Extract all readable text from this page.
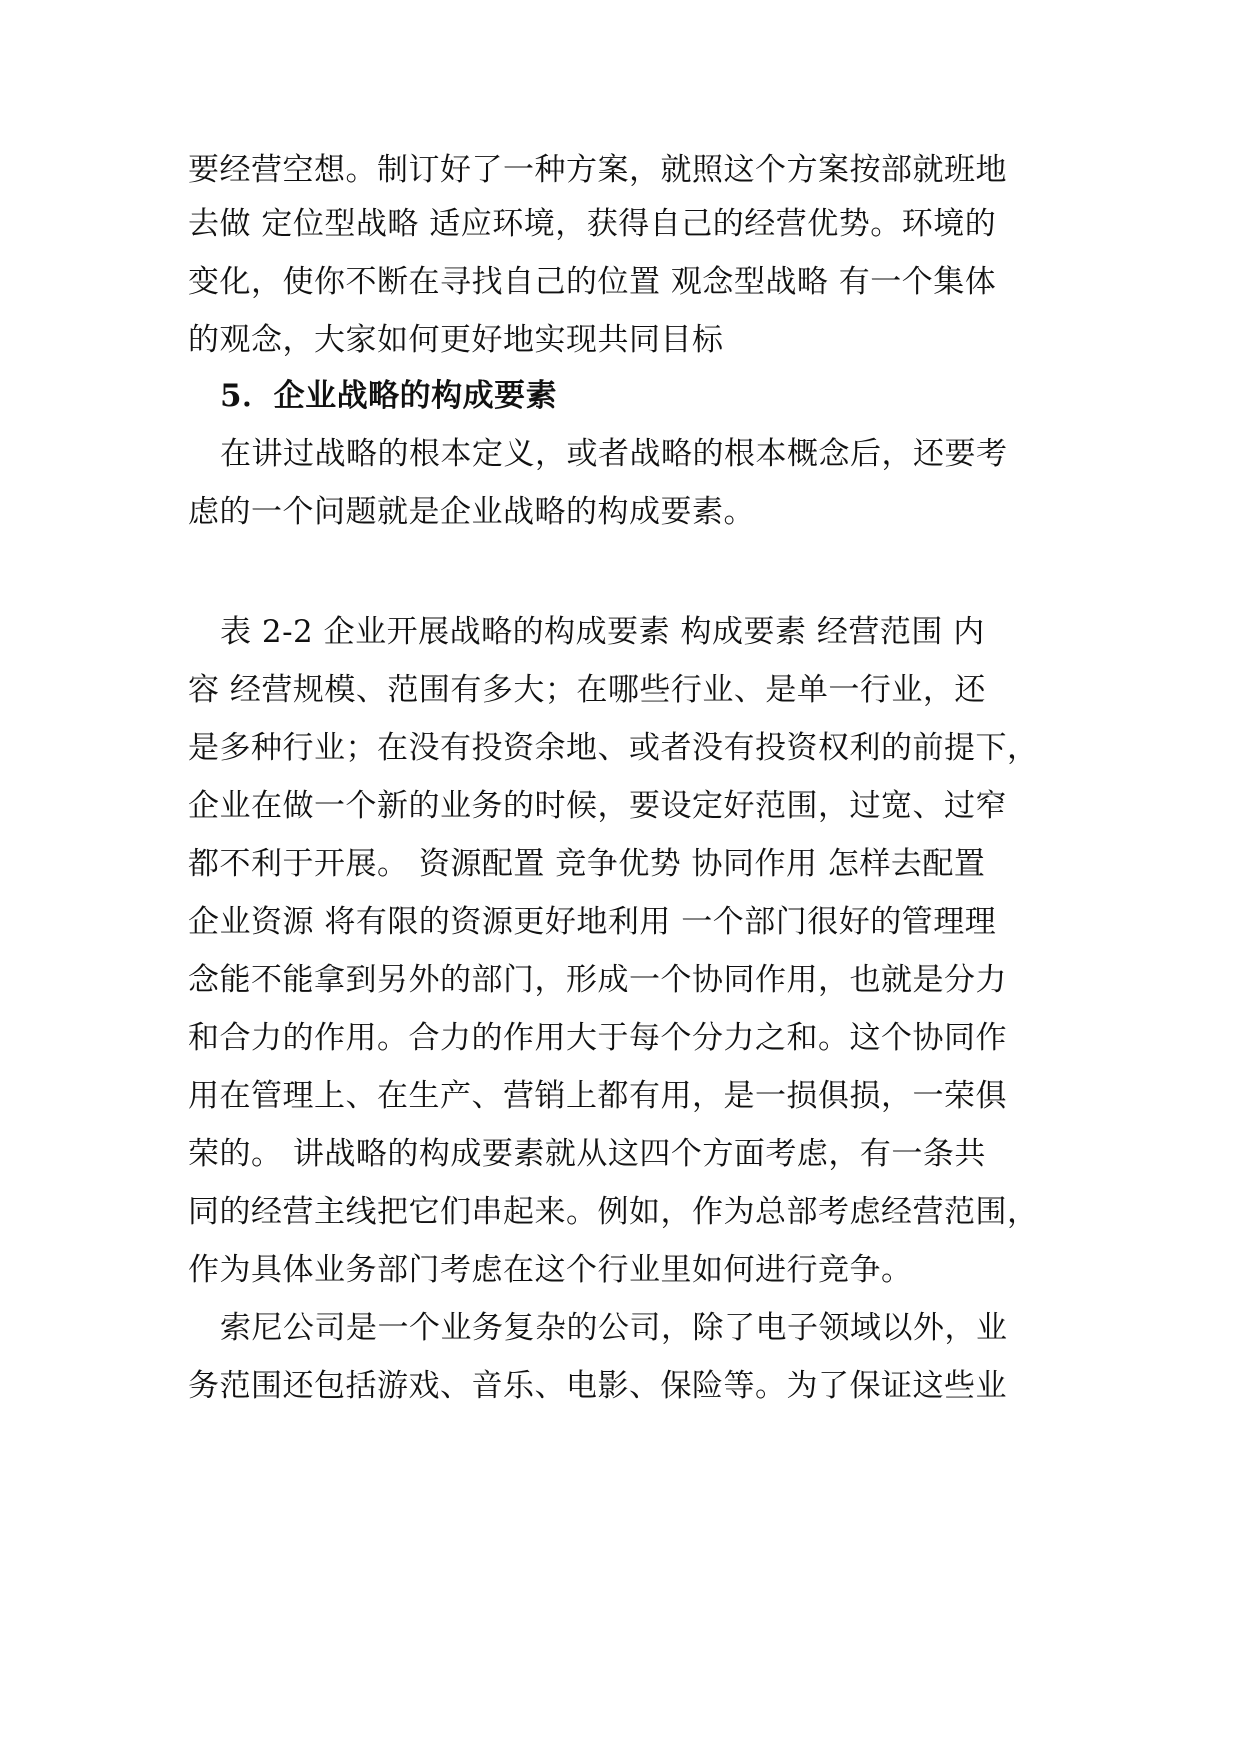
要经营空想。制订好了一种方案，就照这个方案按部就班地
去做 定位型战略 适应环境，获得自己的经营优势。环境的
变化，使你不断在寻找自己的位置 观念型战略 有一个集体
的观念，大家如何更好地实现共同目标
5．企业战略的构成要素
在讲过战略的根本定义，或者战略的根本概念后，还要考
虑的一个问题就是企业战略的构成要素。
表 2-2 企业开展战略的构成要素 构成要素 经营范围 内
容 经营规模、范围有多大；在哪些行业、是单一行业，还
是多种行业；在没有投资余地、或者没有投资权利的前提下，
企业在做一个新的业务的时候，要设定好范围，过宽、过窄
都不利于开展。 资源配置 竞争优势 协同作用 怎样去配置
企业资源 将有限的资源更好地利用 一个部门很好的管理理
念能不能拿到另外的部门，形成一个协同作用，也就是分力
和合力的作用。合力的作用大于每个分力之和。这个协同作
用在管理上、在生产、营销上都有用，是一损俱损，一荣俱
荣的。 讲战略的构成要素就从这四个方面考虑，有一条共
同的经营主线把它们串起来。例如，作为总部考虑经营范围，
作为具体业务部门考虑在这个行业里如何进行竞争。
索尼公司是一个业务复杂的公司，除了电子领域以外，业
务范围还包括游戏、音乐、电影、保险等。为了保证这些业
